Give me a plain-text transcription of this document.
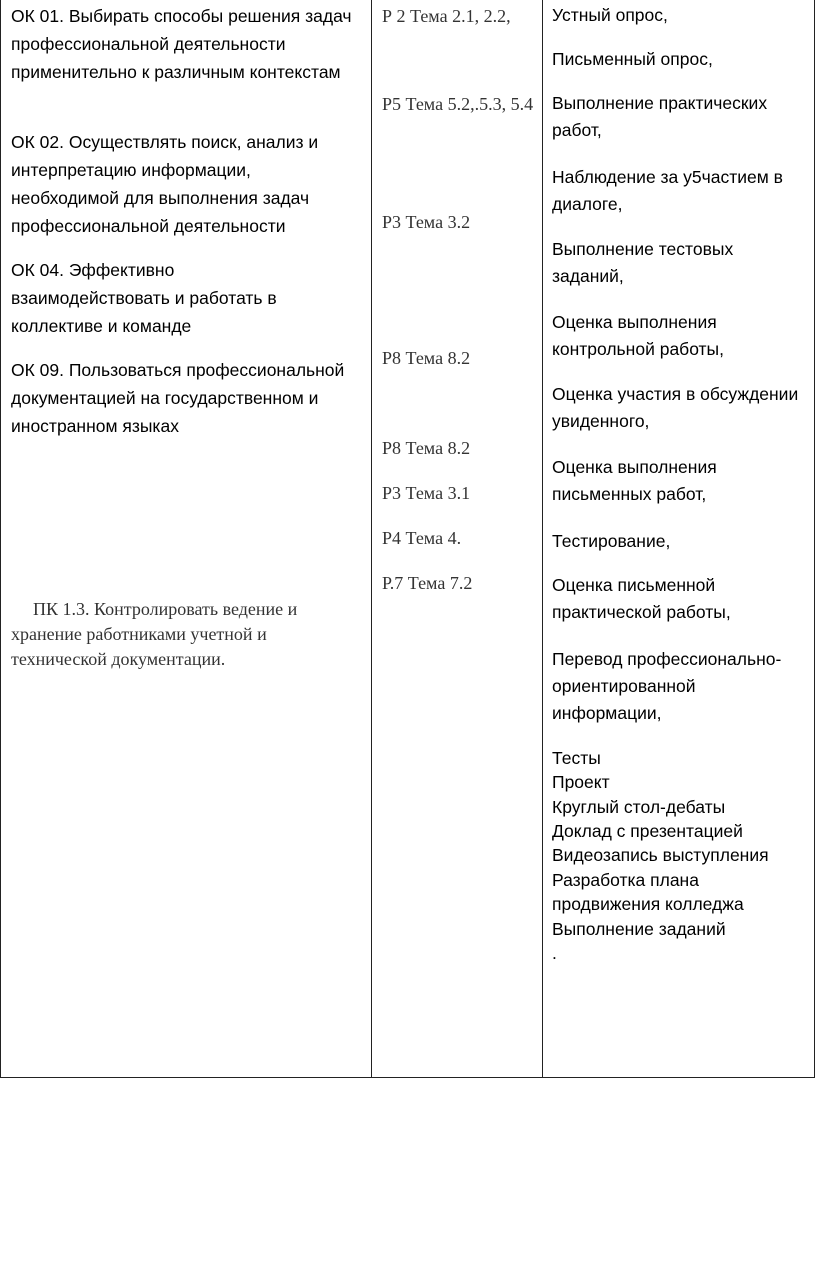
ОК 01. Выбирать способы решения задач профессиональной деятельности применительно к различным контекстам

ОК 02. Осуществлять поиск, анализ и интерпретацию информации, необходимой для выполнения задач профессиональной деятельности

ОК 04. Эффективно взаимодействовать и работать в коллективе и команде

ОК 09. Пользоваться профессиональной документацией на государственном и иностранном языках

ПК 1.3. Контролировать ведение и хранение работниками учетной и технической документации.

Р 2 Тема 2.1, 2.2,

Р5 Тема 5.2,.5.3, 5.4

Р3 Тема 3.2

Р8 Тема 8.2

Р8 Тема 8.2

Р3 Тема 3.1

Р4 Тема 4.

Р.7 Тема 7.2

Устный опрос,

Письменный опрос,

Выполнение практических работ,

Наблюдение за у5частием в диалоге,

Выполнение тестовых заданий,

Оценка выполнения контрольной работы,

Оценка участия в обсуждении увиденного,

Оценка выполнения письменных работ,

Тестирование,

Оценка письменной практической работы,

Перевод профессионально-ориентированной информации,

Тесты

Проект

Круглый стол-дебаты

Доклад с презентацией

Видеозапись выступления

Разработка плана продвижения колледжа

Выполнение заданий

.
